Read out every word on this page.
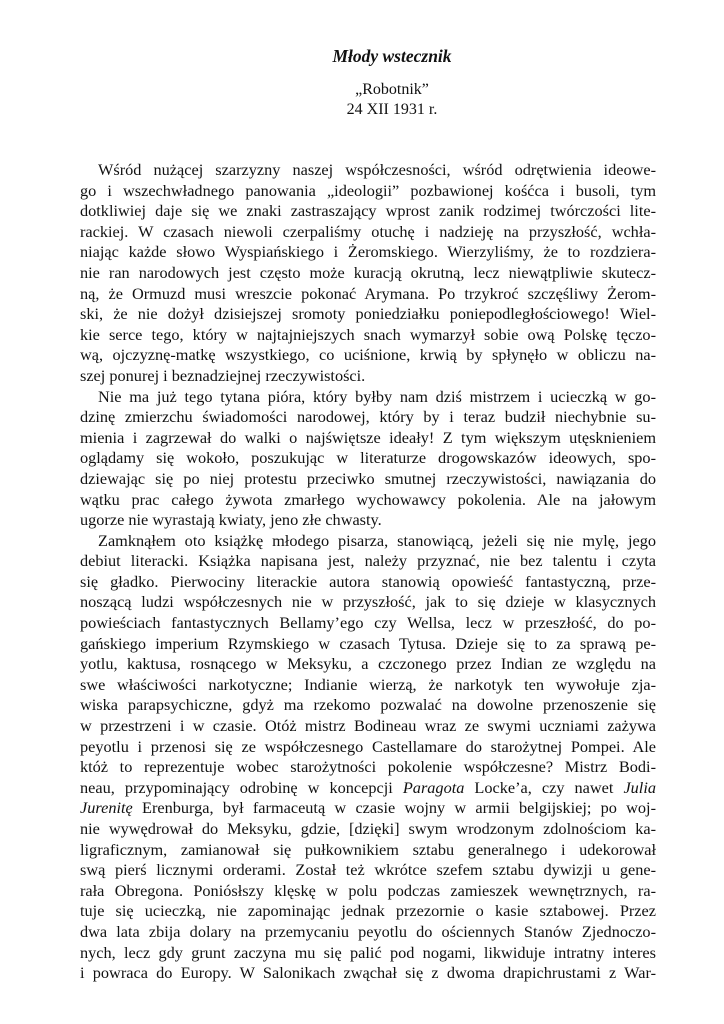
Młody wstecznik
„Robotnik”
24 XII 1931 r.
Wśród nużącej szarzyzny naszej współczesności, wśród odrętwienia ideowe-
go i wszechwładnego panowania „ideologii” pozbawionej kośćca i busoli, tym
dotkliwiej daje się we znaki zastraszający wprost zanik rodzimej twórczości lite-
rackiej. W czasach niewoli czerpaliśmy otuchę i nadzieję na przyszłość, wchła-
niając każde słowo Wyspiańskiego i Żeromskiego. Wierzyliśmy, że to rozdziera-
nie ran narodowych jest często może kuracją okrutną, lecz niewątpliwie skutecz-
ną, że Ormuzd musi wreszcie pokonać Arymana. Po trzykroć szczęśliwy Żerom-
ski, że nie dożył dzisiejszej sromoty poniedziałku poniepodległościowego! Wiel-
kie serce tego, który w najtajniejszych snach wymarzył sobie ową Polskę tęczo-
wą, ojczyznę-matkę wszystkiego, co uciśnione, krwią by spłynęło w obliczu na-
szej ponurej i beznadziejnej rzeczywistości.
Nie ma już tego tytana pióra, który byłby nam dziś mistrzem i ucieczką w go-
dzinę zmierzchu świadomości narodowej, który by i teraz budził niechybnie su-
mienia i zagrzewał do walki o najświętsze ideały! Z tym większym utęsknieniem
oglądamy się wokoło, poszukując w literaturze drogowskazów ideowych, spo-
dziewając się po niej protestu przeciwko smutnej rzeczywistości, nawiązania do
wątku prac całego żywota zmarłego wychowawcy pokolenia. Ale na jałowym
ugorze nie wyrastają kwiaty, jeno złe chwasty.
Zamknąłem oto książkę młodego pisarza, stanowiącą, jeżeli się nie mylę, jego
debiut literacki. Książka napisana jest, należy przyznać, nie bez talentu i czyta
się gładko. Pierwociny literackie autora stanowią opowieść fantastyczną, prze-
noszącą ludzi współczesnych nie w przyszłość, jak to się dzieje w klasycznych
powieściach fantastycznych Bellamy’ego czy Wellsa, lecz w przeszłość, do po-
gańskiego imperium Rzymskiego w czasach Tytusa. Dzieje się to za sprawą pe-
yotlu, kaktusa, rosnącego w Meksyku, a czczonego przez Indian ze względu na
swe właściwości narkotyczne; Indianie wierzą, że narkotyk ten wywołuje zja-
wiska parapsychiczne, gdyż ma rzekomo pozwalać na dowolne przenoszenie się
w przestrzeni i w czasie. Otóż mistrz Bodineau wraz ze swymi uczniami zażywa
peyotlu i przenosi się ze współczesnego Castellamare do starożytnej Pompei. Ale
któż to reprezentuje wobec starożytności pokolenie współczesne? Mistrz Bodi-
neau, przypominający odrobinę w koncepcji Paragota Locke’a, czy nawet Julia
Jurenitę Erenburga, był farmaceutą w czasie wojny w armii belgijskiej; po woj-
nie wywędrował do Meksyku, gdzie, [dzięki] swym wrodzonym zdolnościom ka-
ligraficznym, zamianował się pułkownikiem sztabu generalnego i udekorował
swą pierś licznymi orderami. Został też wkrótce szefem sztabu dywizji u gene-
rała Obregona. Poniósłszy klęskę w polu podczas zamieszek wewnętrznych, ra-
tuje się ucieczką, nie zapominając jednak przezornie o kasie sztabowej. Przez
dwa lata zbija dolary na przemycaniu peyotlu do ościennych Stanów Zjednoczo-
nych, lecz gdy grunt zaczyna mu się palić pod nogami, likwiduje intratny interes
i powraca do Europy. W Salonikach zwąchał się z dwoma drapichrustami z War-
